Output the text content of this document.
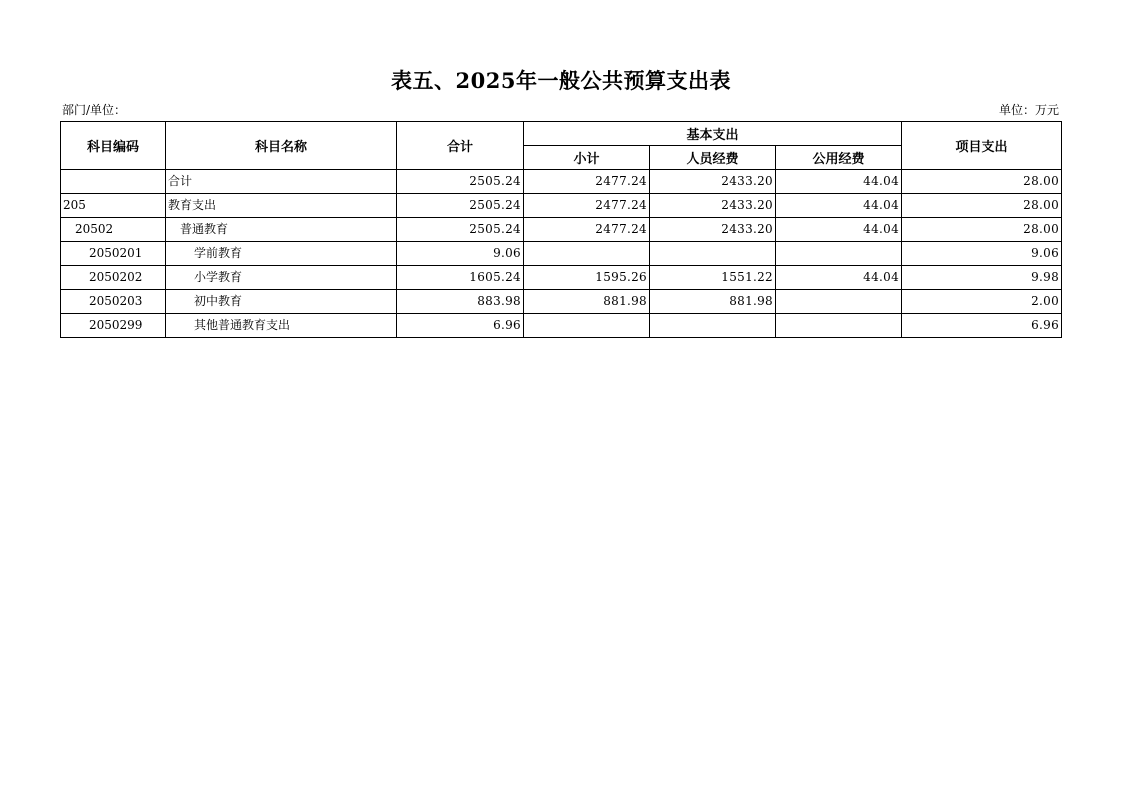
表五、2025年一般公共预算支出表
部门/单位：	单位：万元
科目编码	科目名称	合计	基本支出			项目支出
			小计	人员经费	公用经费	
	合计	2505.24	2477.24	2433.20	44.04	28.00
205	教育支出	2505.24	2477.24	2433.20	44.04	28.00
20502	普通教育	2505.24	2477.24	2433.20	44.04	28.00
2050201	学前教育	9.06				9.06
2050202	小学教育	1605.24	1595.26	1551.22	44.04	9.98
2050203	初中教育	883.98	881.98	881.98		2.00
2050299	其他普通教育支出	6.96				6.96
